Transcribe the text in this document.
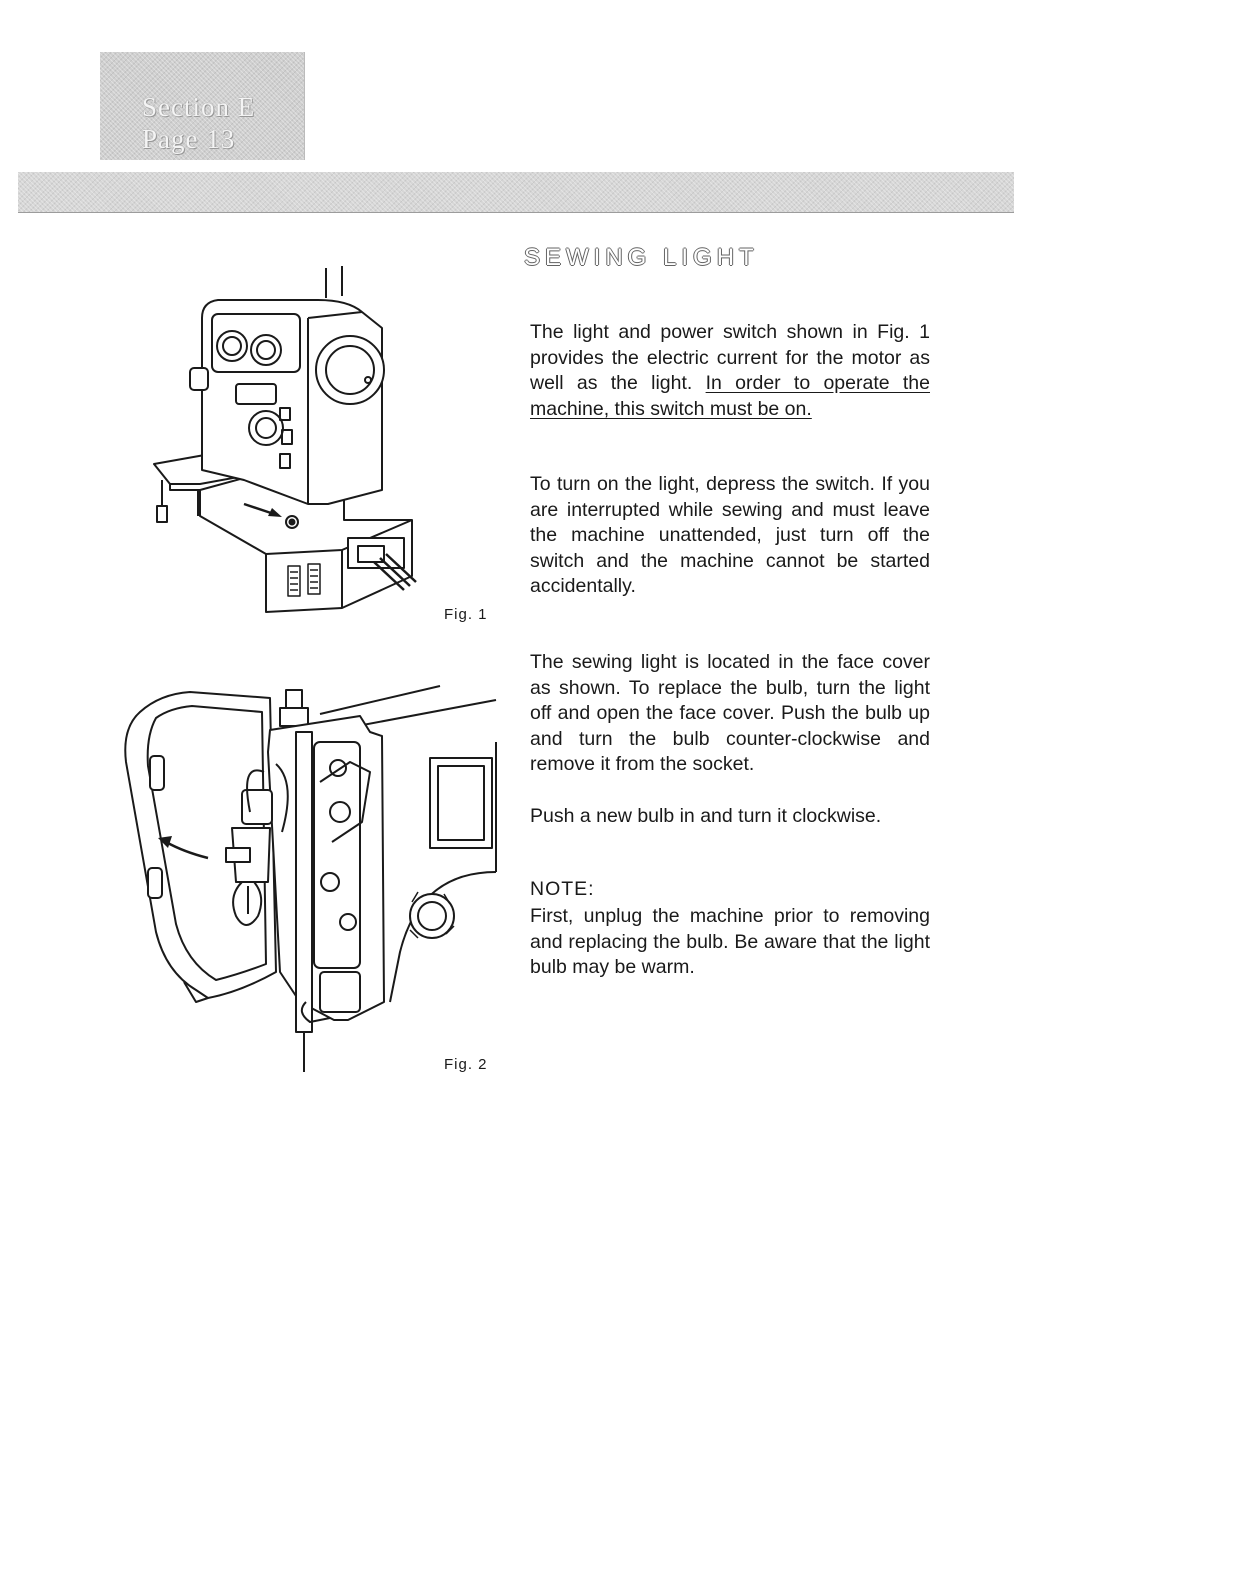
Section E
Page 13
SEWING LIGHT

The light and power switch shown in Fig. 1 provides the electric current for the motor as well as the light. In order to operate the machine, this switch must be on.

To turn on the light, depress the switch. If you are interrupted while sewing and must leave the machine unattended, just turn off the switch and the machine cannot be started accidentally.

The sewing light is located in the face cover as shown. To replace the bulb, turn the light off and open the face cover. Push the bulb up and turn the bulb counter-clockwise and remove it from the socket.

Push a new bulb in and turn it clockwise.

NOTE:

First, unplug the machine prior to removing and replacing the bulb. Be aware that the light bulb may be warm.

Fig. 1
Fig. 2
